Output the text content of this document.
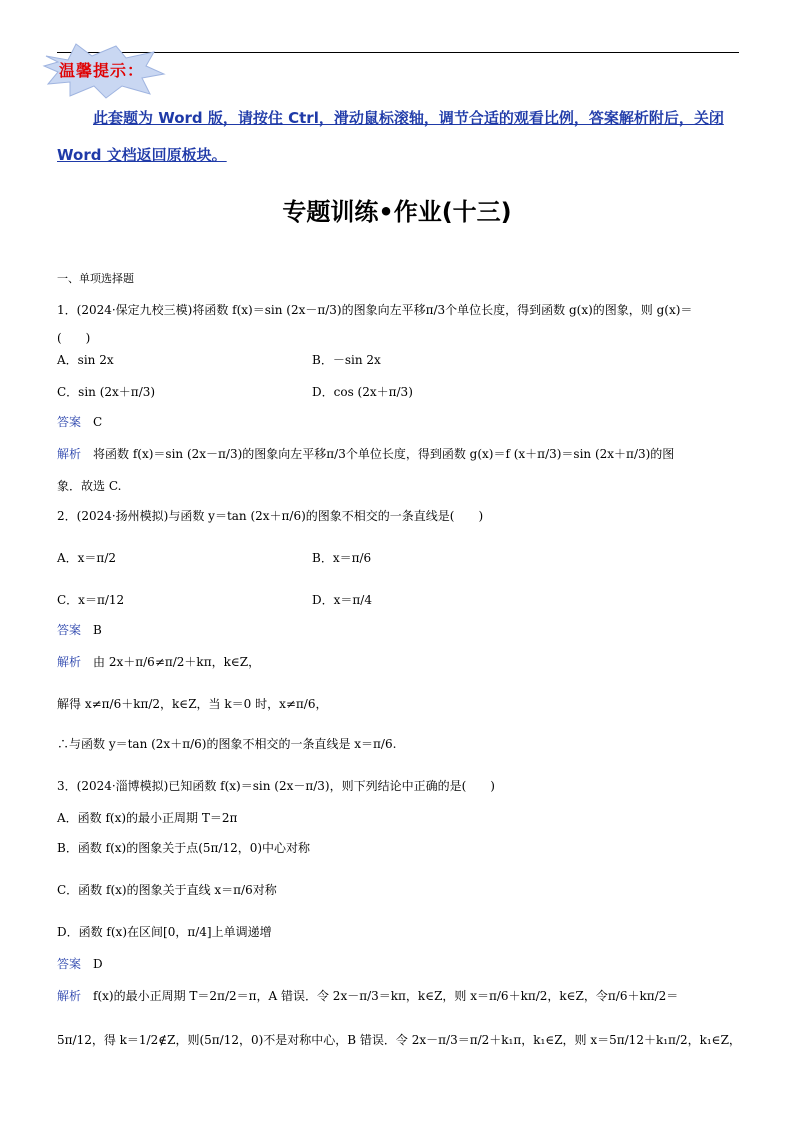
温馨提示：
此套题为 Word 版，请按住 Ctrl，滑动鼠标滚轴，调节合适的观看比例，答案解析附后，关闭 Word 文档返回原板块。
专题训练•作业(十三)
一、单项选择题
1．(2024·保定九校三模)将函数 f(x)＝sin (2x－π/3)的图象向左平移π/3个单位长度，得到函数 g(x)的图象，则 g(x)＝
(　　)
A．sin 2x	B．－sin 2x
C．sin (2x＋π/3)	D．cos (2x＋π/3)
答案　 C
解析　 将函数 f(x)＝sin (2x－π/3)的图象向左平移π/3个单位长度，得到函数 g(x)＝f (x＋π/3)＝sin (2x＋π/3)的图
象．故选 C.
2．(2024·扬州模拟)与函数 y＝tan (2x＋π/6)的图象不相交的一条直线是(　　)
A．x＝π/2	B．x＝π/6
C．x＝π/12	D．x＝π/4
答案　 B
解析　 由 2x＋π/6≠π/2＋kπ，k∈Z，
解得 x≠π/6＋kπ/2，k∈Z，当 k＝0 时，x≠π/6，
∴与函数 y＝tan (2x＋π/6)的图象不相交的一条直线是 x＝π/6.
3．(2024·淄博模拟)已知函数 f(x)＝sin (2x－π/3)，则下列结论中正确的是(　　)
A．函数 f(x)的最小正周期 T＝2π
B．函数 f(x)的图象关于点(5π/12，0)中心对称
C．函数 f(x)的图象关于直线 x＝π/6对称
D．函数 f(x)在区间[0，π/4]上单调递增
答案　 D
解析　 f(x)的最小正周期 T＝2π/2＝π，A 错误．令 2x－π/3＝kπ，k∈Z，则 x＝π/6＋kπ/2，k∈Z，令π/6＋kπ/2＝
5π/12，得 k＝1/2∉Z，则(5π/12，0)不是对称中心，B 错误．令 2x－π/3＝π/2＋k₁π，k₁∈Z，则 x＝5π/12＋k₁π/2，k₁∈Z，
